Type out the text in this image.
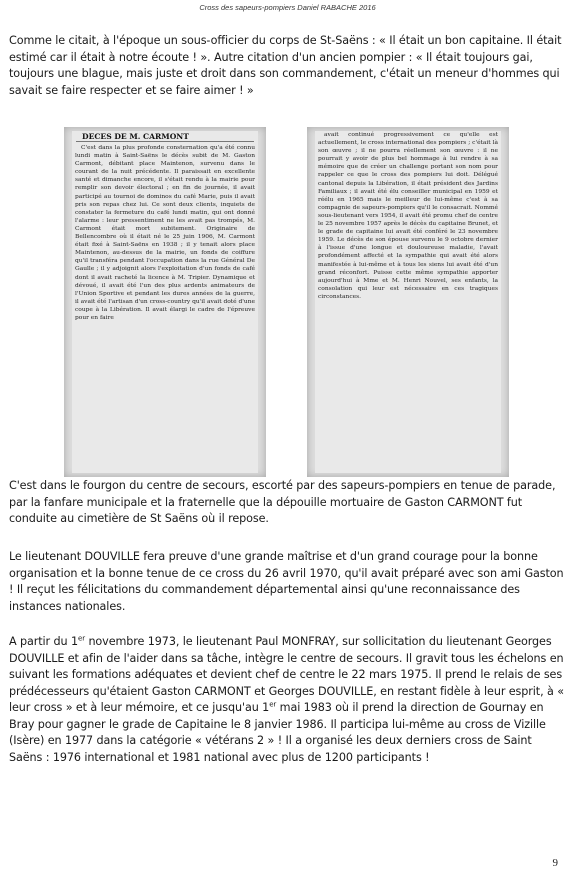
Cross des sapeurs-pompiers Daniel RABACHE 2016

Comme le citait, à l'époque un sous-officier du corps de St-Saëns : « Il était un bon capitaine. Il était estimé car il était à notre écoute ! ». Autre citation d'un ancien pompier : « Il était toujours gai, toujours une blague, mais juste et droit dans son commandement, c'était un meneur d'hommes qui savait se faire respecter et se faire aimer ! »

DECES DE M. CARMONT

C'est dans la plus profonde consternation qu'a été connu lundi matin à Saint-Saëns le décès subit de M. Gaston Carmont, débitant place Maintenon, survenu dans le courant de la nuit précédente. Il paraissait en excellente santé et dimanche encore, il s'était rendu à la mairie pour remplir son devoir électoral ; en fin de journée, il avait participé au tournoi de dominos du café Marie, puis il avait pris son repas chez lui. Ce sont deux clients, inquiets de constater la fermeture du café lundi matin, qui ont donné l'alarme : leur pressentiment ne les avait pas trompés, M. Carmont était mort subitement. Originaire de Bellencombre où il était né le 25 juin 1906, M. Carmont était fixé à Saint-Saëns en 1938 ; il y tenait alors place Maintenon, au-dessus de la mairie, un fonds de coiffure qu'il transféra pendant l'occupation dans la rue Général De Gaulle ; il y adjoignit alors l'exploitation d'un fonds de café dont il avait racheté la licence à M. Tripier. Dynamique et dévoué, il avait été l'un des plus ardents animateurs de l'Union Sportive et pendant les dures années de la guerre, il avait été l'artisan d'un cross-country qu'il avait doté d'une coupe à la Libération. Il avait élargi le cadre de l'épreuve pour en faire

avait continué progressivement ce qu'elle est actuellement, le cross international des pompiers ; c'était là son œuvre ; il ne pourra réellement son œuvre : il ne pourrait y avoir de plus bel hommage à lui rendre à sa mémoire que de créer un challenge portant son nom pour rappeler ce que le cross des pompiers lui doit. Délégué cantonal depuis la Libération, il était président des Jardins Familiaux ; il avait été élu conseiller municipal en 1959 et réélu en 1965 mais le meilleur de lui-même c'est à sa compagnie de sapeurs-pompiers qu'il le consacrait. Nommé sous-lieutenant vers 1954, il avait été promu chef de centre le 25 novembre 1957 après le décès du capitaine Brunet, et le grade de capitaine lui avait été conféré le 23 novembre 1959. Le décès de son épouse survenu le 9 octobre dernier à l'issue d'une longue et douloureuse maladie, l'avait profondément affecté et la sympathie qui avait été alors manifestée à lui-même et à tous les siens lui avait été d'un grand réconfort. Puisse cette même sympathie apporter aujourd'hui à Mme et M. Henri Nouvel, ses enfants, la consolation qui leur est nécessaire en ces tragiques circonstances.

C'est dans le fourgon du centre de secours, escorté par des sapeurs-pompiers en tenue de parade, par la fanfare municipale et la fraternelle que la dépouille mortuaire de Gaston CARMONT fut conduite au cimetière de St Saëns où il repose.

Le lieutenant DOUVILLE fera preuve d'une grande maîtrise et d'un grand courage pour la bonne organisation et la bonne tenue de ce cross du 26 avril 1970, qu'il avait préparé avec son ami Gaston ! Il reçut les félicitations du commandement départemental ainsi qu'une reconnaissance des instances nationales.

A partir du 1er novembre 1973, le lieutenant Paul MONFRAY, sur sollicitation du lieutenant Georges DOUVILLE et afin de l'aider dans sa tâche, intègre le centre de secours. Il gravit tous les échelons en suivant les formations adéquates et devient chef de centre le 22 mars 1975. Il prend le relais de ses prédécesseurs qu'étaient Gaston CARMONT et Georges DOUVILLE, en restant fidèle à leur esprit, à « leur cross » et à leur mémoire, et ce jusqu'au 1er mai 1983 où il prend la direction de Gournay en Bray pour gagner le grade de Capitaine le 8 janvier 1986. Il participa lui-même au cross de Vizille (Isère) en 1977 dans la catégorie « vétérans 2 » ! Il a organisé les deux derniers cross de Saint Saëns : 1976 international et 1981 national avec plus de 1200 participants !

9
